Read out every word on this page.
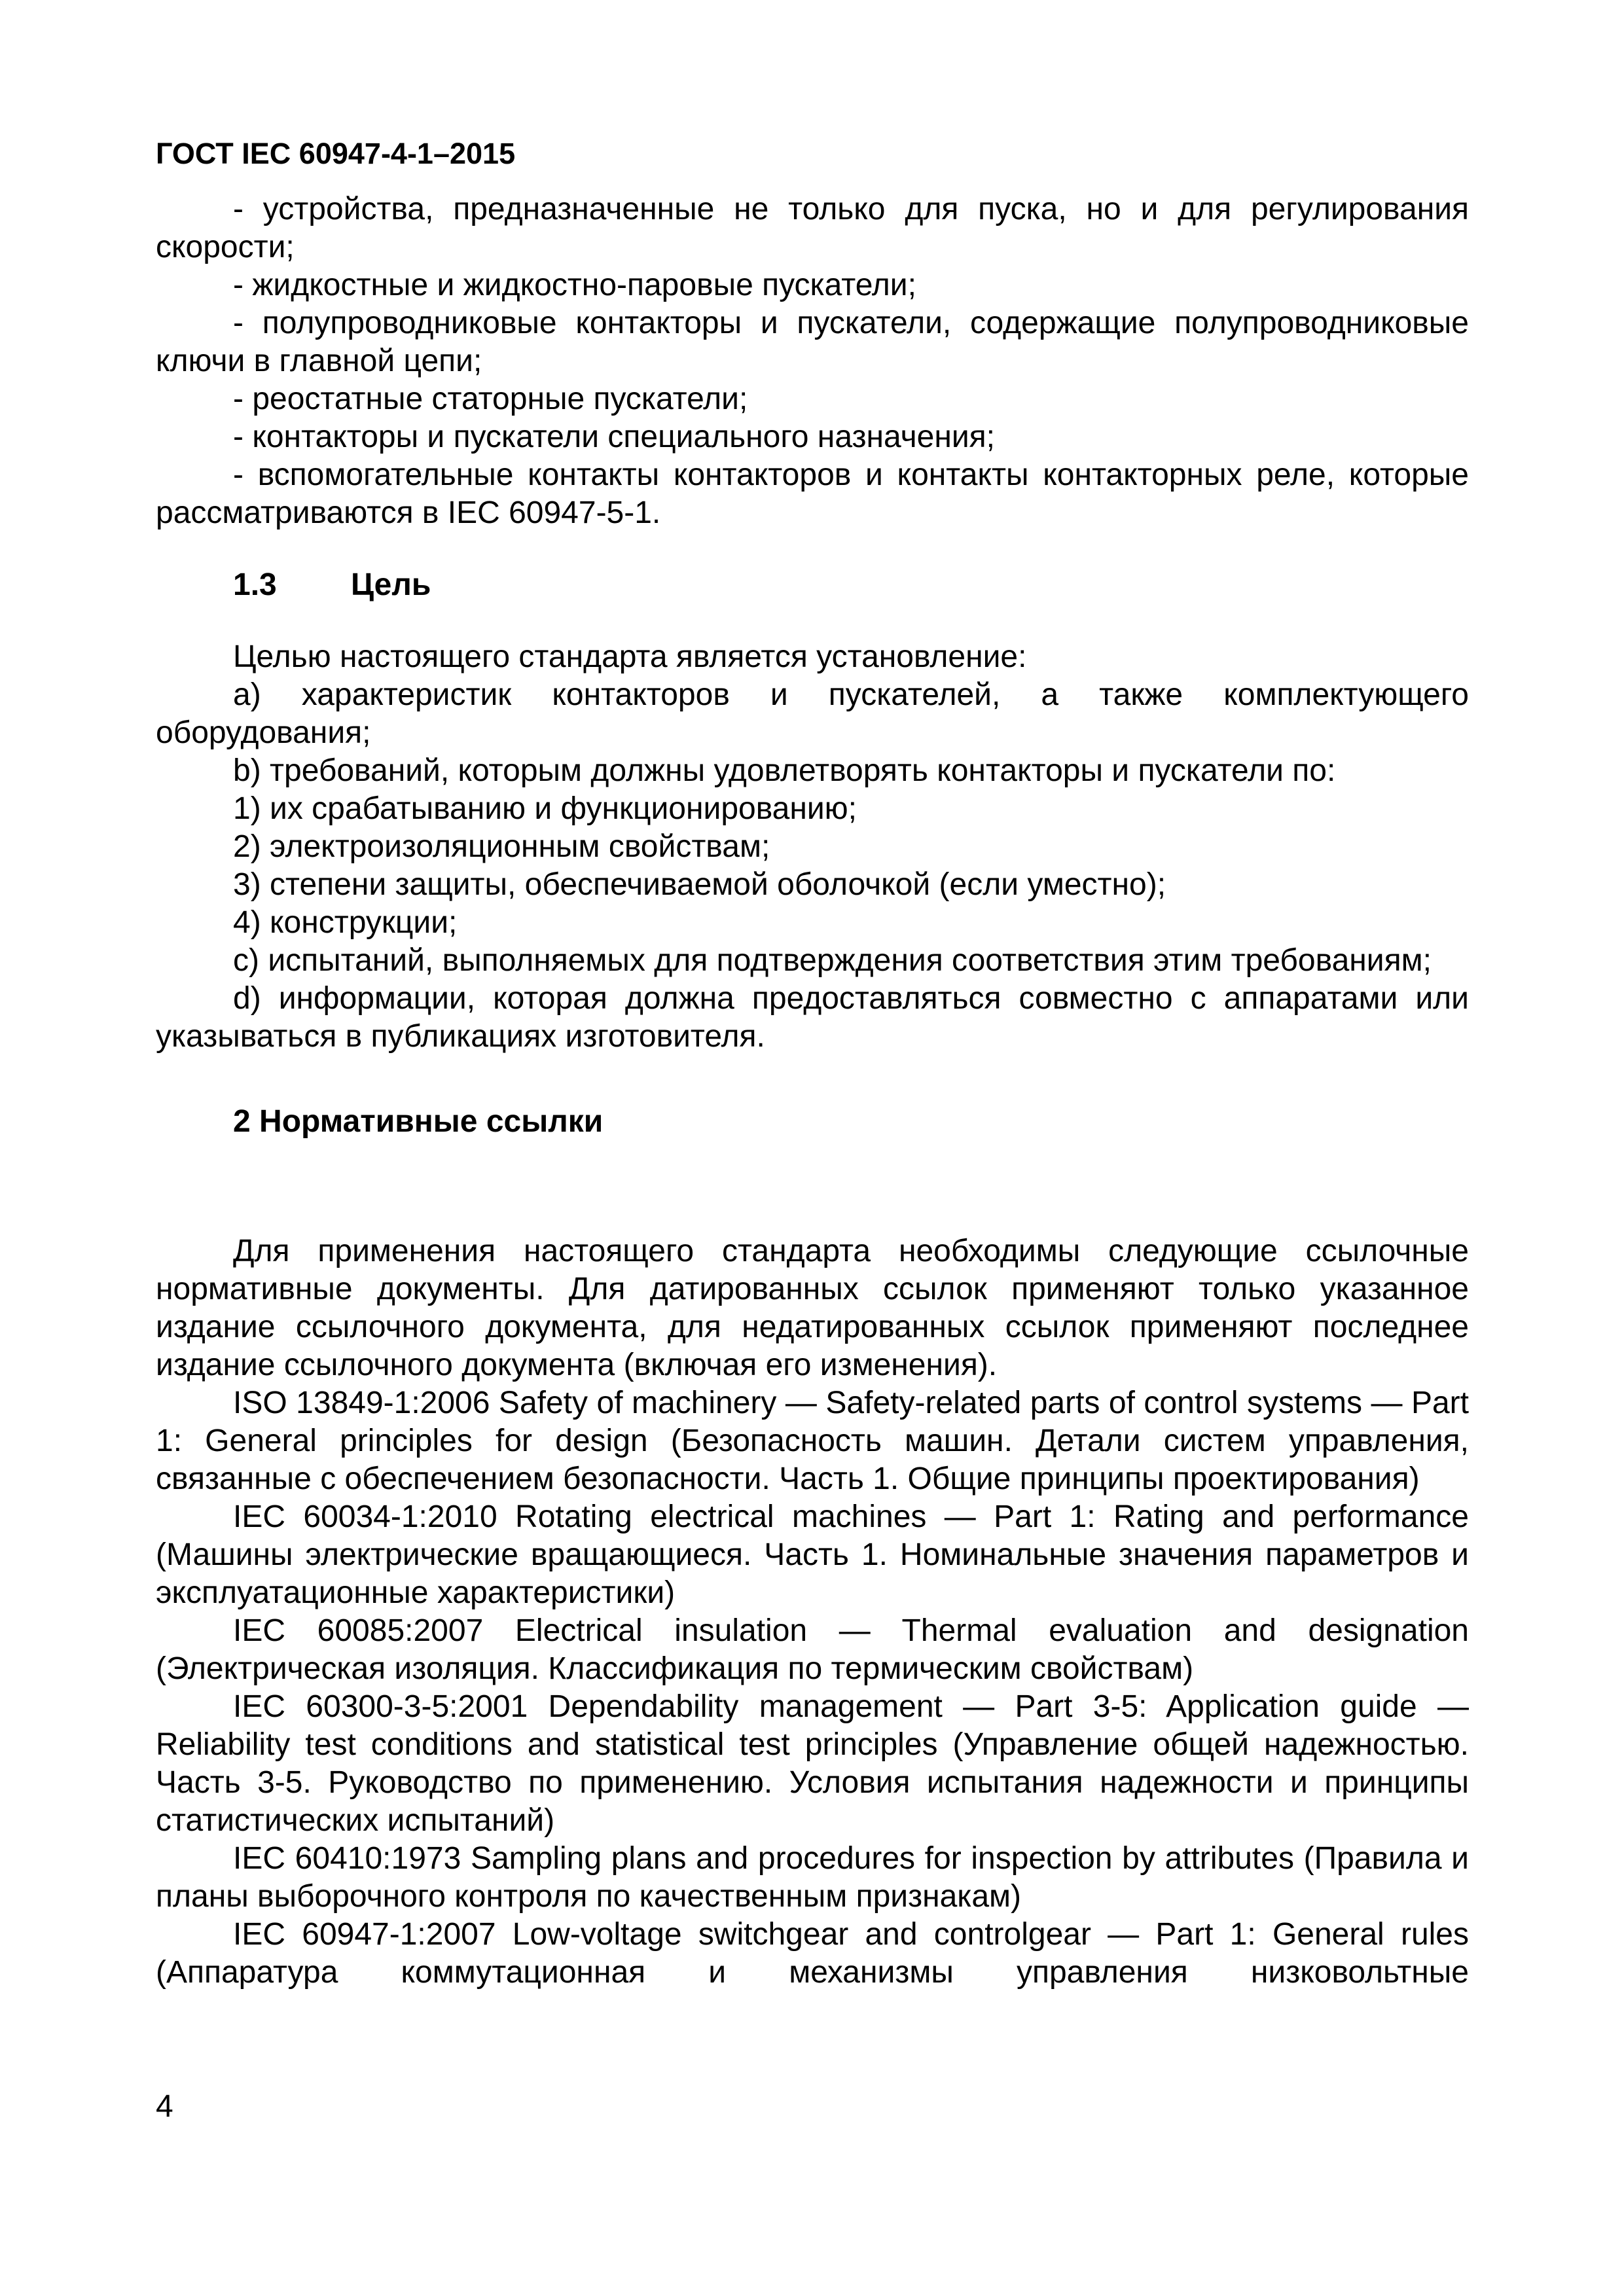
ГОСТ IEC 60947-4-1–2015

- устройства, предназначенные не только для пуска, но и для регулирования скорости;

- жидкостные и жидкостно-паровые пускатели;

- полупроводниковые контакторы и пускатели, содержащие полупроводниковые ключи в главной цепи;

- реостатные статорные пускатели;

- контакторы и пускатели специального назначения;

- вспомогательные контакты контакторов и контакты контакторных реле, которые рассматриваются в IEC 60947-5-1.

1.3 Цель

Целью настоящего стандарта является установление:

a) характеристик контакторов и пускателей, а также комплектующего оборудования;

b) требований, которым должны удовлетворять контакторы и пускатели по:

1) их срабатыванию и функционированию;

2) электроизоляционным свойствам;

3) степени защиты, обеспечиваемой оболочкой (если уместно);

4) конструкции;

c) испытаний, выполняемых для подтверждения соответствия этим требованиям;

d) информации, которая должна предоставляться совместно с аппаратами или указываться в публикациях изготовителя.

2 Нормативные ссылки

Для применения настоящего стандарта необходимы следующие ссылочные нормативные документы. Для датированных ссылок применяют только указанное издание ссылочного документа, для недатированных ссылок применяют последнее издание ссылочного документа (включая его изменения).

ISO 13849-1:2006 Safety of machinery — Safety-related parts of control systems — Part 1: General principles for design (Безопасность машин. Детали систем управления, связанные с обеспечением безопасности. Часть 1. Общие принципы проектирования)

IEC 60034-1:2010 Rotating electrical machines — Part 1: Rating and performance (Машины электрические вращающиеся. Часть 1. Номинальные значения параметров и эксплуатационные характеристики)

IEC 60085:2007 Electrical insulation — Thermal evaluation and designation (Электрическая изоляция. Классификация по термическим свойствам)

IEC 60300-3-5:2001 Dependability management — Part 3-5: Application guide — Reliability test conditions and statistical test principles (Управление общей надежностью. Часть 3-5. Руководство по применению. Условия испытания надежности и принципы статистических испытаний)

IEC 60410:1973 Sampling plans and procedures for inspection by attributes (Правила и планы выборочного контроля по качественным признакам)

IEC 60947-1:2007 Low-voltage switchgear and controlgear — Part 1: General rules (Аппаратура коммутационная и механизмы управления низковольтные

4
